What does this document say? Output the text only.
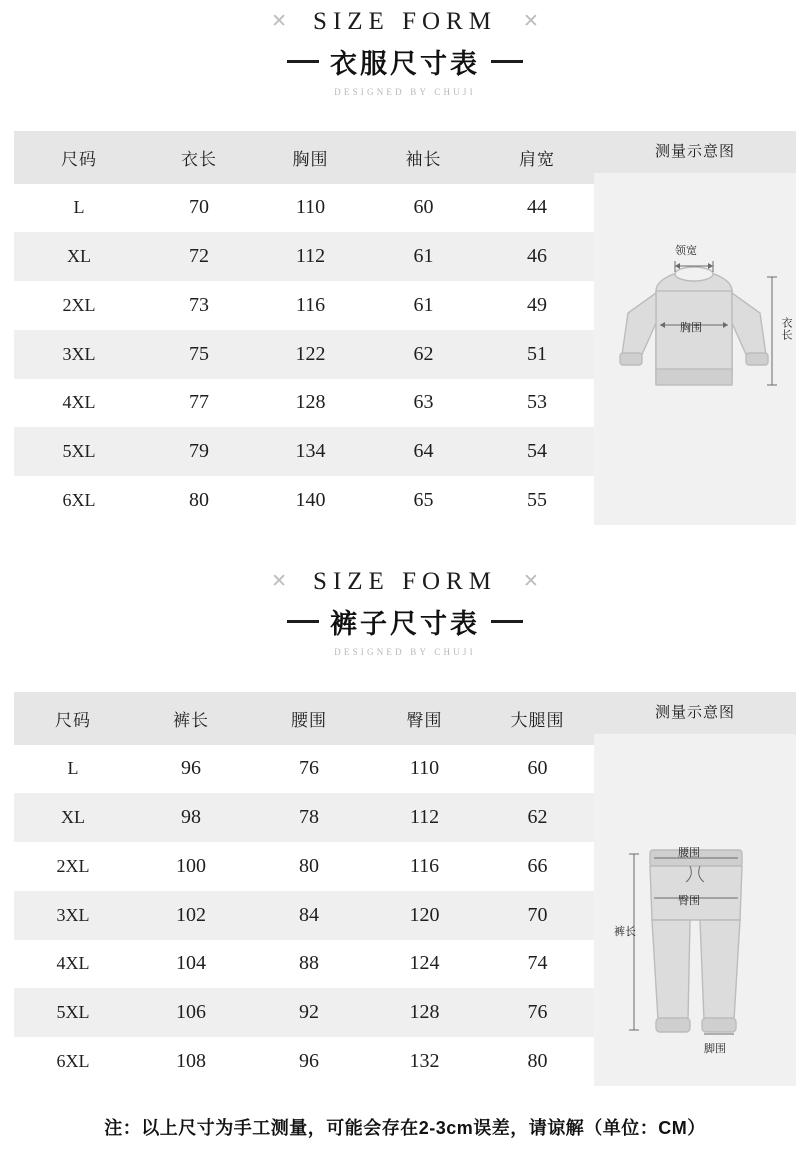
✕ SIZE FORM ✕
衣服尺寸表
DESIGNED BY CHUJI
尺码	衣长	胸围	袖长	肩宽
L	70	110	60	44
XL	72	112	61	46
2XL	73	116	61	49
3XL	75	122	62	51
4XL	77	128	63	53
5XL	79	134	64	54
6XL	80	140	65	55
测量示意图
领宽
胸围	衣长
✕ SIZE FORM ✕
裤子尺寸表
DESIGNED BY CHUJI
尺码	裤长	腰围	臀围	大腿围
L	96	76	110	60
XL	98	78	112	62
2XL	100	80	116	66
3XL	102	84	120	70
4XL	104	88	124	74
5XL	106	92	128	76
6XL	108	96	132	80
测量示意图
腰围
臀围
裤长
脚围
注：以上尺寸为手工测量，可能会存在2-3cm误差，请谅解（单位：CM）
